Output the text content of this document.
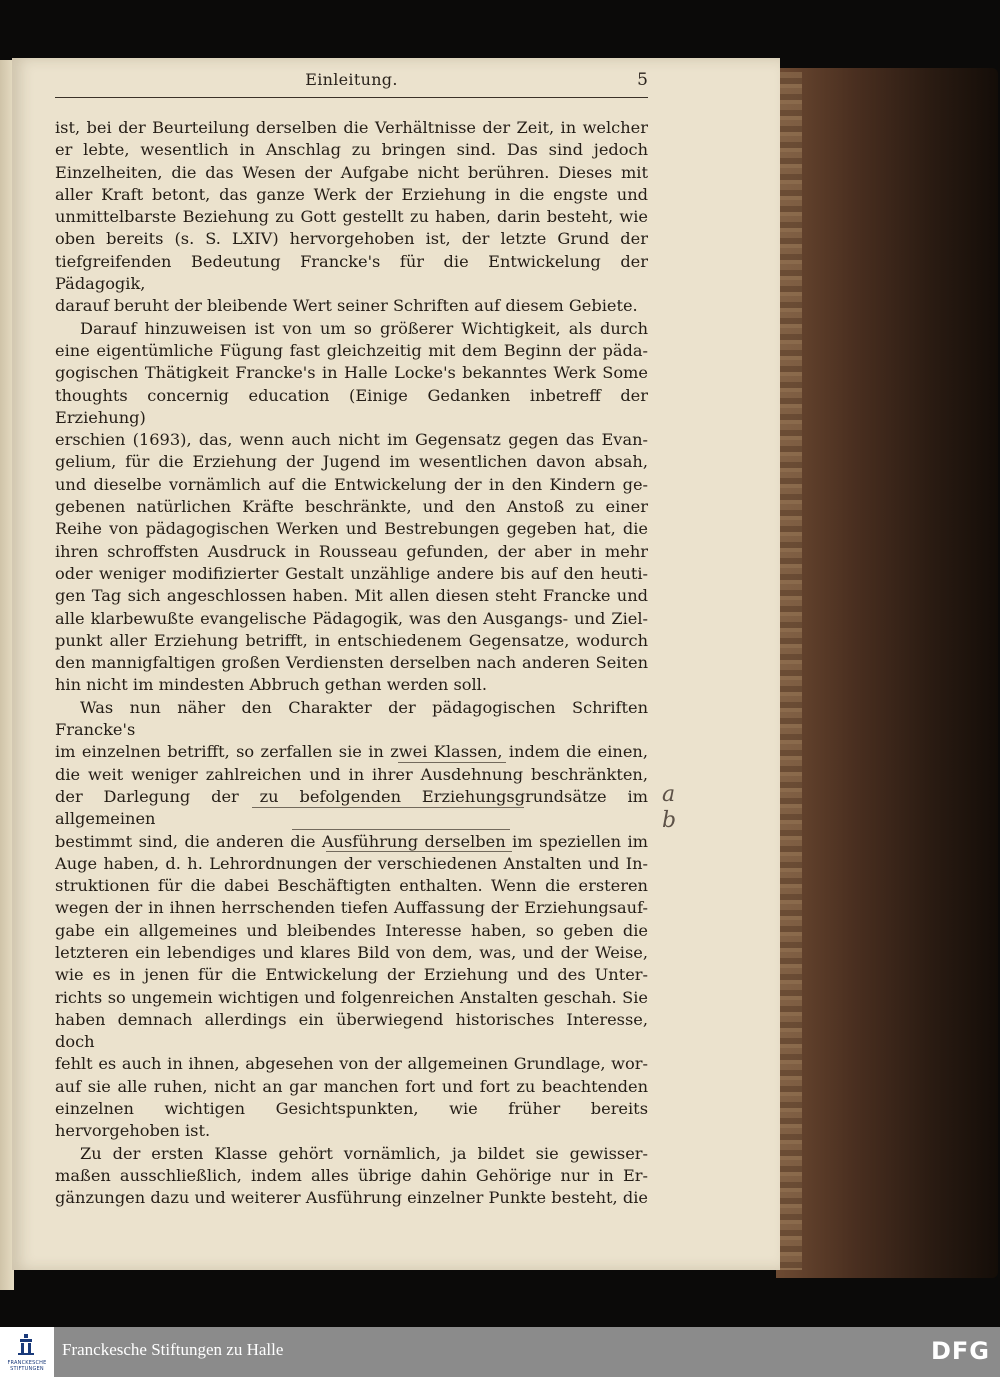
Einleitung.	5

ist, bei der Beurteilung derselben die Verhältnisse der Zeit, in welcher

er lebte, wesentlich in Anschlag zu bringen sind. Das sind jedoch

Einzelheiten, die das Wesen der Aufgabe nicht berühren. Dieses mit

aller Kraft betont, das ganze Werk der Erziehung in die engste und

unmittelbarste Beziehung zu Gott gestellt zu haben, darin besteht, wie

oben bereits (s. S. LXIV) hervorgehoben ist, der letzte Grund der

tiefgreifenden Bedeutung Francke's für die Entwickelung der Pädagogik,

darauf beruht der bleibende Wert seiner Schriften auf diesem Gebiete.

Darauf hinzuweisen ist von um so größerer Wichtigkeit, als durch

eine eigentümliche Fügung fast gleichzeitig mit dem Beginn der päda-

gogischen Thätigkeit Francke's in Halle Locke's bekanntes Werk Some

thoughts concernig education (Einige Gedanken inbetreff der Erziehung)

erschien (1693), das, wenn auch nicht im Gegensatz gegen das Evan-

gelium, für die Erziehung der Jugend im wesentlichen davon absah,

und dieselbe vornämlich auf die Entwickelung der in den Kindern ge-

gebenen natürlichen Kräfte beschränkte, und den Anstoß zu einer

Reihe von pädagogischen Werken und Bestrebungen gegeben hat, die

ihren schroffsten Ausdruck in Rousseau gefunden, der aber in mehr

oder weniger modifizierter Gestalt unzählige andere bis auf den heuti-

gen Tag sich angeschlossen haben. Mit allen diesen steht Francke und

alle klarbewußte evangelische Pädagogik, was den Ausgangs- und Ziel-

punkt aller Erziehung betrifft, in entschiedenem Gegensatze, wodurch

den mannigfaltigen großen Verdiensten derselben nach anderen Seiten

hin nicht im mindesten Abbruch gethan werden soll.

Was nun näher den Charakter der pädagogischen Schriften Francke's

im einzelnen betrifft, so zerfallen sie in zwei Klassen, indem die einen,

die weit weniger zahlreichen und in ihrer Ausdehnung beschränkten,

der Darlegung der zu befolgenden Erziehungsgrundsätze im allgemeinen

bestimmt sind, die anderen die Ausführung derselben im speziellen im

Auge haben, d. h. Lehrordnungen der verschiedenen Anstalten und In-

struktionen für die dabei Beschäftigten enthalten. Wenn die ersteren

wegen der in ihnen herrschenden tiefen Auffassung der Erziehungsauf-

gabe ein allgemeines und bleibendes Interesse haben, so geben die

letzteren ein lebendiges und klares Bild von dem, was, und der Weise,

wie es in jenen für die Entwickelung der Erziehung und des Unter-

richts so ungemein wichtigen und folgenreichen Anstalten geschah. Sie

haben demnach allerdings ein überwiegend historisches Interesse, doch

fehlt es auch in ihnen, abgesehen von der allgemeinen Grundlage, wor-

auf sie alle ruhen, nicht an gar manchen fort und fort zu beachtenden

einzelnen wichtigen Gesichtspunkten, wie früher bereits hervorgehoben ist.

Zu der ersten Klasse gehört vornämlich, ja bildet sie gewisser-

maßen ausschließlich, indem alles übrige dahin Gehörige nur in Er-

gänzungen dazu und weiterer Ausführung einzelner Punkte besteht, die

a
b
FRANCKESCHE STIFTUNGEN
Franckesche Stiftungen zu Halle	DFG
